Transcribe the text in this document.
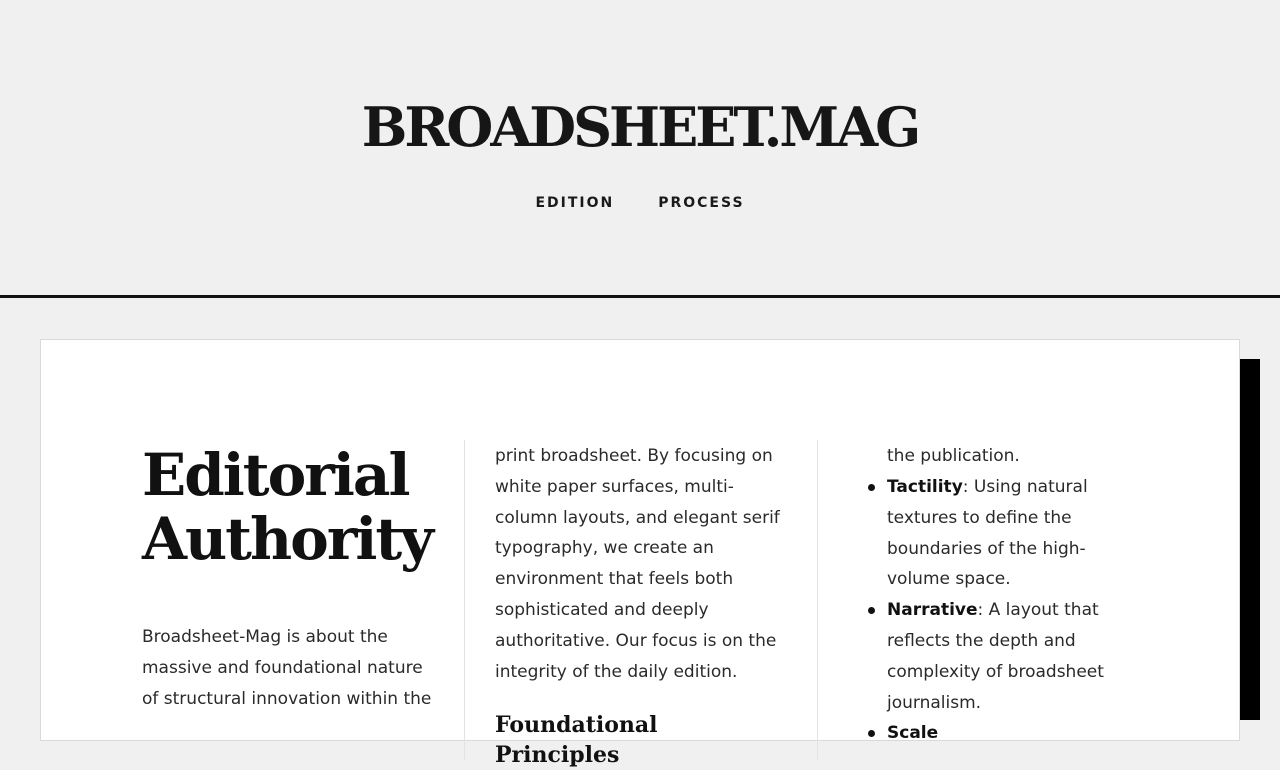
BROADSHEET.MAG
EDITION	PROCESS
Editorial Authority

Broadsheet-Mag is about the massive and foundational nature of structural innovation within the

print broadsheet. By focusing on white paper surfaces, multi-column layouts, and elegant serif typography, we create an environment that feels both sophisticated and deeply authoritative. Our focus is on the integrity of the daily edition.

Foundational Principles

the publication.

Tactility: Using natural textures to define the boundaries of the high-volume space.
Narrative: A layout that reflects the depth and complexity of broadsheet journalism.
Scale
